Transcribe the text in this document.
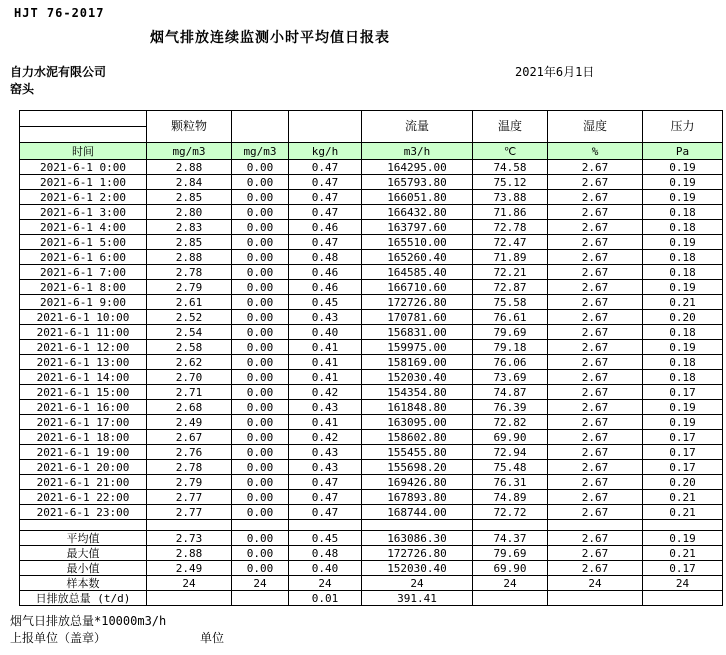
HJT 76-2017
烟气排放连续监测小时平均值日报表
自力水泥有限公司	2021年6月1日
窑头
	颗粒物			流量	温度	湿度	压力

时间	mg/m3	mg/m3	kg/h	m3/h	℃	%	Pa
2021-6-1 0:00	2.88	0.00	0.47	164295.00	74.58	2.67	0.19
2021-6-1 1:00	2.84	0.00	0.47	165793.80	75.12	2.67	0.19
2021-6-1 2:00	2.85	0.00	0.47	166051.80	73.88	2.67	0.19
2021-6-1 3:00	2.80	0.00	0.47	166432.80	71.86	2.67	0.18
2021-6-1 4:00	2.83	0.00	0.46	163797.60	72.78	2.67	0.18
2021-6-1 5:00	2.85	0.00	0.47	165510.00	72.47	2.67	0.19
2021-6-1 6:00	2.88	0.00	0.48	165260.40	71.89	2.67	0.18
2021-6-1 7:00	2.78	0.00	0.46	164585.40	72.21	2.67	0.18
2021-6-1 8:00	2.79	0.00	0.46	166710.60	72.87	2.67	0.19
2021-6-1 9:00	2.61	0.00	0.45	172726.80	75.58	2.67	0.21
2021-6-1 10:00	2.52	0.00	0.43	170781.60	76.61	2.67	0.20
2021-6-1 11:00	2.54	0.00	0.40	156831.00	79.69	2.67	0.18
2021-6-1 12:00	2.58	0.00	0.41	159975.00	79.18	2.67	0.19
2021-6-1 13:00	2.62	0.00	0.41	158169.00	76.06	2.67	0.18
2021-6-1 14:00	2.70	0.00	0.41	152030.40	73.69	2.67	0.18
2021-6-1 15:00	2.71	0.00	0.42	154354.80	74.87	2.67	0.17
2021-6-1 16:00	2.68	0.00	0.43	161848.80	76.39	2.67	0.19
2021-6-1 17:00	2.49	0.00	0.41	163095.00	72.82	2.67	0.19
2021-6-1 18:00	2.67	0.00	0.42	158602.80	69.90	2.67	0.17
2021-6-1 19:00	2.76	0.00	0.43	155455.80	72.94	2.67	0.17
2021-6-1 20:00	2.78	0.00	0.43	155698.20	75.48	2.67	0.17
2021-6-1 21:00	2.79	0.00	0.47	169426.80	76.31	2.67	0.20
2021-6-1 22:00	2.77	0.00	0.47	167893.80	74.89	2.67	0.21
2021-6-1 23:00	2.77	0.00	0.47	168744.00	72.72	2.67	0.21

平均值	2.73	0.00	0.45	163086.30	74.37	2.67	0.19
最大值	2.88	0.00	0.48	172726.80	79.69	2.67	0.21
最小值	2.49	0.00	0.40	152030.40	69.90	2.67	0.17
样本数	24	24	24	24	24	24	24
日排放总量 (t/d)			0.01	391.41			
烟气日排放总量*10000m3/h
上报单位（盖章）	单位
